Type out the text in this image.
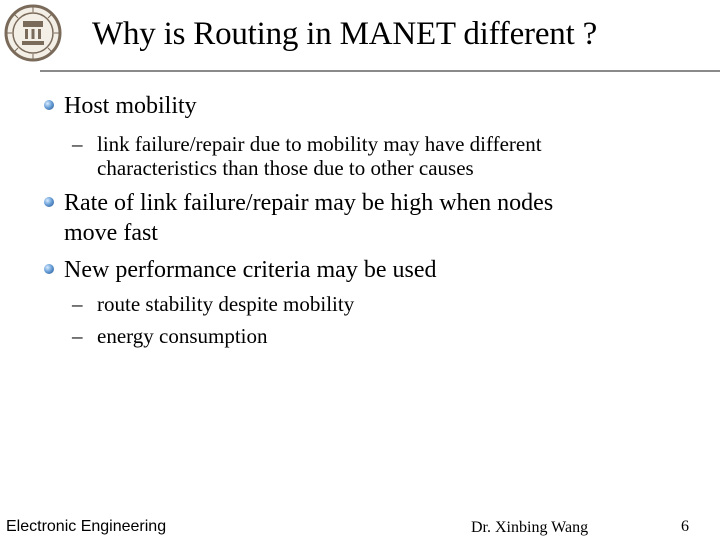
Why is Routing in MANET different ?
Host mobility
– link failure/repair due to mobility may have different
characteristics than those due to other causes
Rate of link failure/repair may be high when nodes
move fast
New performance criteria may be used
– route stability despite mobility
– energy consumption
Electronic Engineering	Dr. Xinbing Wang	6
